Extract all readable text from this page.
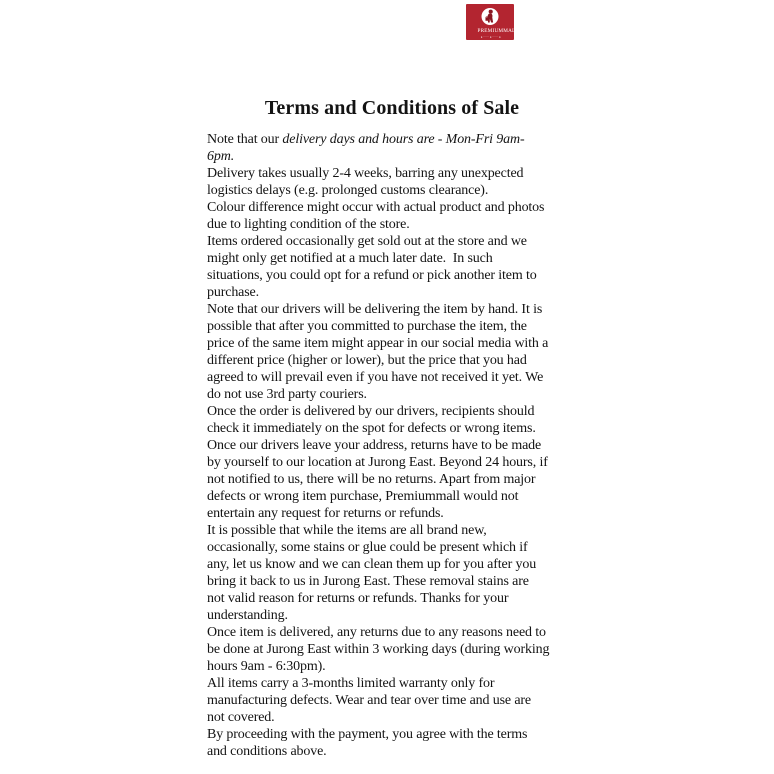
PREMIUMMALL
♦ ······ ♦ ······ ♦
Terms and Conditions of Sale

Note that our delivery days and hours are - Mon-Fri 9am-
6pm.

Delivery takes usually 2-4 weeks, barring any unexpected
logistics delays (e.g. prolonged customs clearance).

Colour difference might occur with actual product and photos
due to lighting condition of the store.

Items ordered occasionally get sold out at the store and we
might only get notified at a much later date.  In such
situations, you could opt for a refund or pick another item to
purchase.

Note that our drivers will be delivering the item by hand. It is
possible that after you committed to purchase the item, the
price of the same item might appear in our social media with a
different price (higher or lower), but the price that you had
agreed to will prevail even if you have not received it yet. We
do not use 3rd party couriers.

Once the order is delivered by our drivers, recipients should
check it immediately on the spot for defects or wrong items.

Once our drivers leave your address, returns have to be made
by yourself to our location at Jurong East. Beyond 24 hours, if
not notified to us, there will be no returns. Apart from major
defects or wrong item purchase, Premiummall would not
entertain any request for returns or refunds.

It is possible that while the items are all brand new,
occasionally, some stains or glue could be present which if
any, let us know and we can clean them up for you after you
bring it back to us in Jurong East. These removal stains are
not valid reason for returns or refunds. Thanks for your
understanding.

Once item is delivered, any returns due to any reasons need to
be done at Jurong East within 3 working days (during working
hours 9am - 6:30pm).

All items carry a 3-months limited warranty only for
manufacturing defects. Wear and tear over time and use are
not covered.

By proceeding with the payment, you agree with the terms
and conditions above.
